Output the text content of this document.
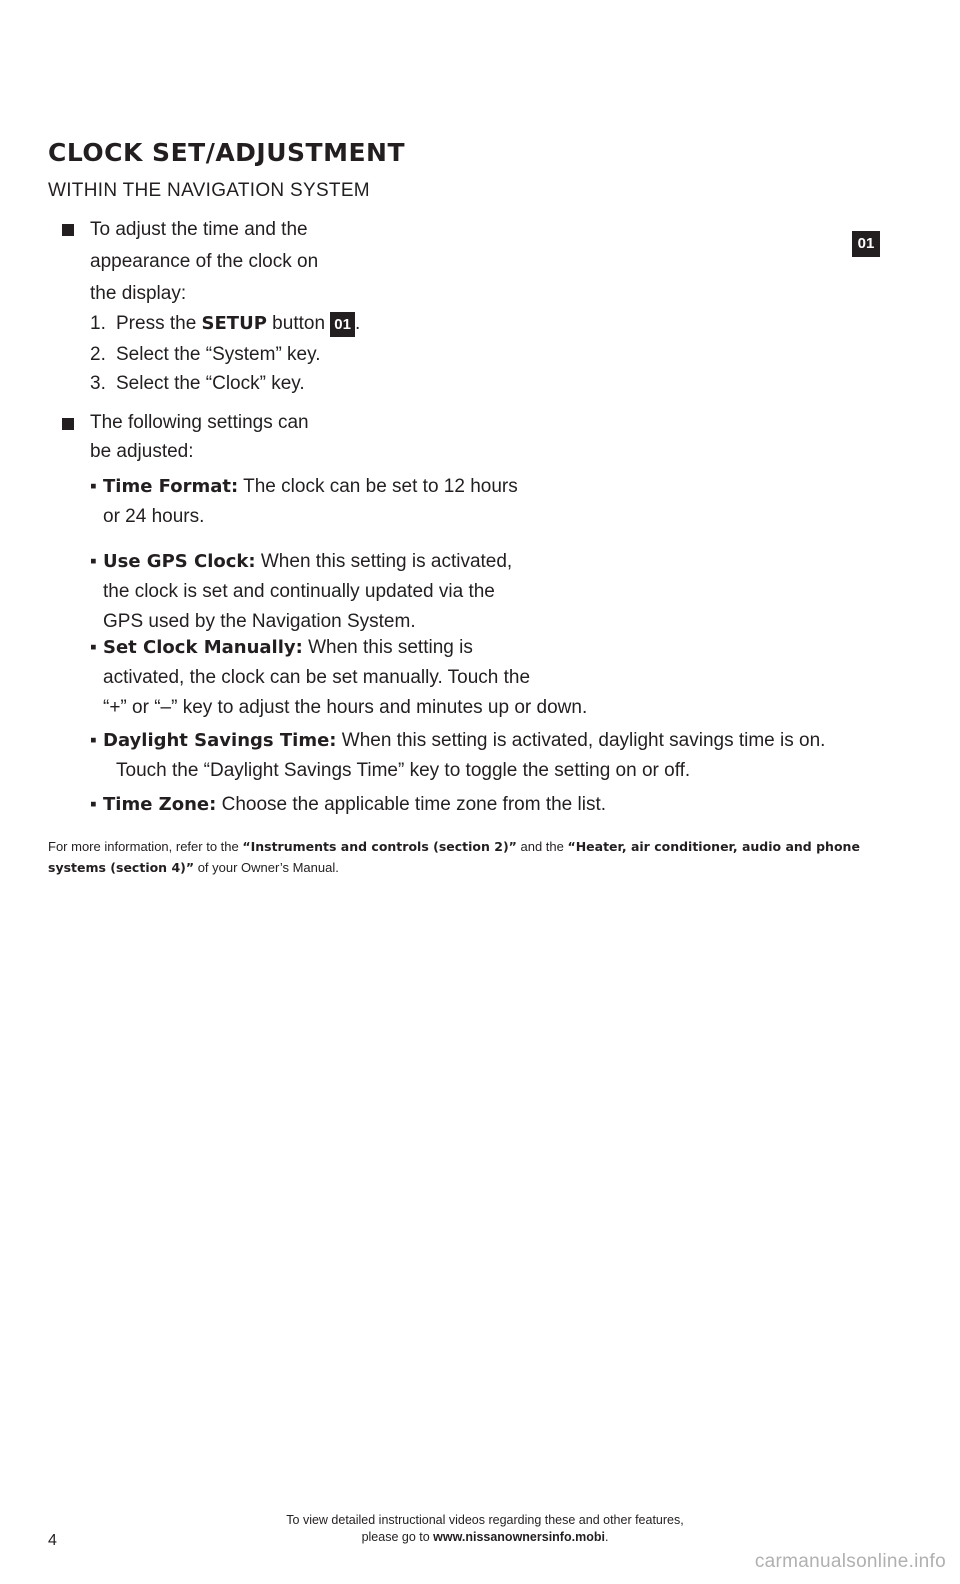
CLOCK SET/ADJUSTMENT
WITHIN THE NAVIGATION SYSTEM
01
To adjust the time and the
appearance of the clock on
the display:
1. Press the SETUP button 01 .
2. Select the “System” key.
3. Select the “Clock” key.
The following settings can
be adjusted:
▪ Time Format: The clock can be set to 12 hours
or 24 hours.
▪ Use GPS Clock: When this setting is activated,
the clock is set and continually updated via the
GPS used by the Navigation System.
▪ Set Clock Manually: When this setting is
activated, the clock can be set manually. Touch the
“+” or “–” key to adjust the hours and minutes up or down.
▪ Daylight Savings Time: When this setting is activated, daylight savings time is on.
Touch the “Daylight Savings Time” key to toggle the setting on or off.
▪ Time Zone: Choose the applicable time zone from the list.
For more information, refer to the “Instruments and controls (section 2)” and the “Heater, air conditioner, audio and phone systems (section 4)” of your Owner’s Manual.
To view detailed instructional videos regarding these and other features,
please go to www.nissanownersinfo.mobi.
4
carmanualsonline.info
